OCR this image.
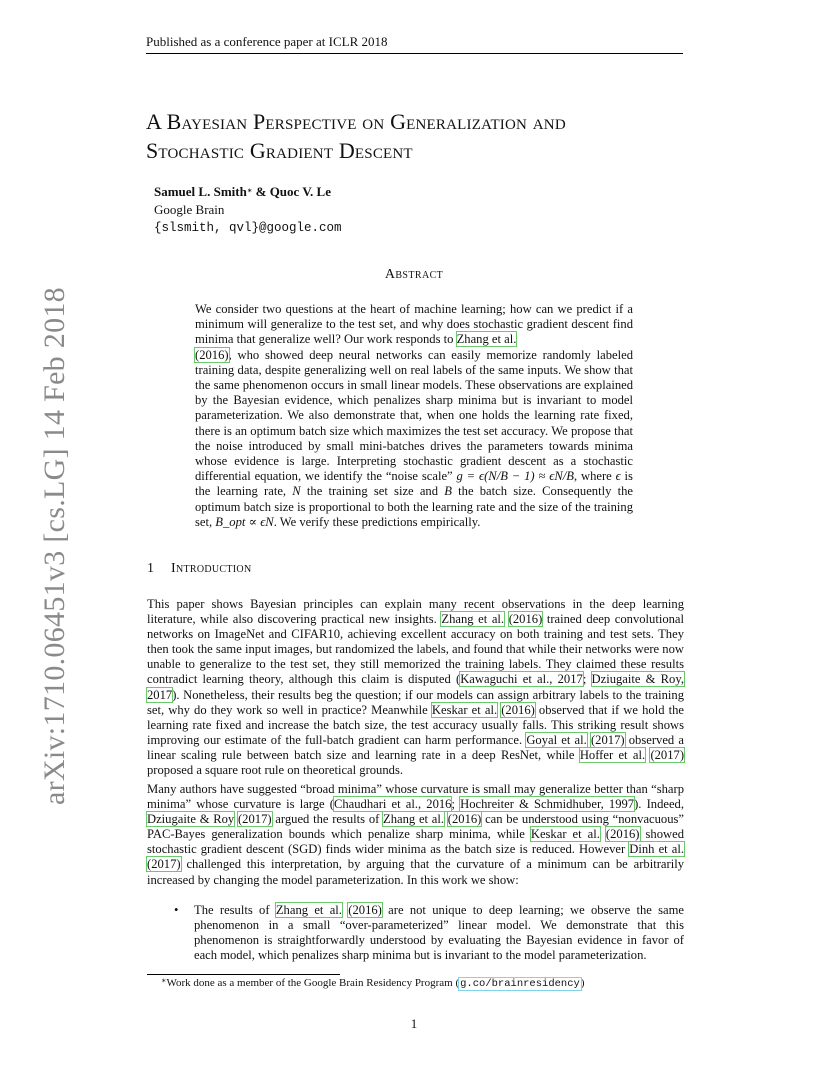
Published as a conference paper at ICLR 2018
arXiv:1710.06451v3 [cs.LG] 14 Feb 2018
A Bayesian Perspective on Generalization and
Stochastic Gradient Descent
Samuel L. Smith∗ & Quoc V. Le
Google Brain
{slsmith, qvl}@google.com
Abstract
We consider two questions at the heart of machine learning; how can we predict if a minimum will generalize to the test set, and why does stochastic gradient descent find minima that generalize well? Our work responds to Zhang et al.
(2016), who showed deep neural networks can easily memorize randomly labeled training data, despite generalizing well on real labels of the same inputs. We show that the same phenomenon occurs in small linear models. These observations are explained by the Bayesian evidence, which penalizes sharp minima but is invariant to model parameterization. We also demonstrate that, when one holds the learning rate fixed, there is an optimum batch size which maximizes the test set accuracy. We propose that the noise introduced by small mini-batches drives the parameters towards minima whose evidence is large. Interpreting stochastic gradient descent as a stochastic differential equation, we identify the “noise scale” g = ϵ(N/B − 1) ≈ ϵN/B, where ϵ is the learning rate, N the training set size and B the batch size. Consequently the optimum batch size is proportional to both the learning rate and the size of the training set, B_opt ∝ ϵN. We verify these predictions empirically.
1 Introduction
This paper shows Bayesian principles can explain many recent observations in the deep learning literature, while also discovering practical new insights. Zhang et al. (2016) trained deep convolutional networks on ImageNet and CIFAR10, achieving excellent accuracy on both training and test sets. They then took the same input images, but randomized the labels, and found that while their networks were now unable to generalize to the test set, they still memorized the training labels. They claimed these results contradict learning theory, although this claim is disputed (Kawaguchi et al., 2017; Dziugaite & Roy, 2017). Nonetheless, their results beg the question; if our models can assign arbitrary labels to the training set, why do they work so well in practice? Meanwhile Keskar et al. (2016) observed that if we hold the learning rate fixed and increase the batch size, the test accuracy usually falls. This striking result shows improving our estimate of the full-batch gradient can harm performance. Goyal et al. (2017) observed a linear scaling rule between batch size and learning rate in a deep ResNet, while Hoffer et al. (2017) proposed a square root rule on theoretical grounds.
Many authors have suggested “broad minima” whose curvature is small may generalize better than “sharp minima” whose curvature is large (Chaudhari et al., 2016; Hochreiter & Schmidhuber, 1997). Indeed, Dziugaite & Roy (2017) argued the results of Zhang et al. (2016) can be understood using “nonvacuous” PAC-Bayes generalization bounds which penalize sharp minima, while Keskar et al. (2016) showed stochastic gradient descent (SGD) finds wider minima as the batch size is reduced. However Dinh et al. (2017) challenged this interpretation, by arguing that the curvature of a minimum can be arbitrarily increased by changing the model parameterization. In this work we show:
• The results of Zhang et al. (2016) are not unique to deep learning; we observe the same phenomenon in a small “over-parameterized” linear model. We demonstrate that this phenomenon is straightforwardly understood by evaluating the Bayesian evidence in favor of each model, which penalizes sharp minima but is invariant to the model parameterization.
∗Work done as a member of the Google Brain Residency Program (g.co/brainresidency)
1
